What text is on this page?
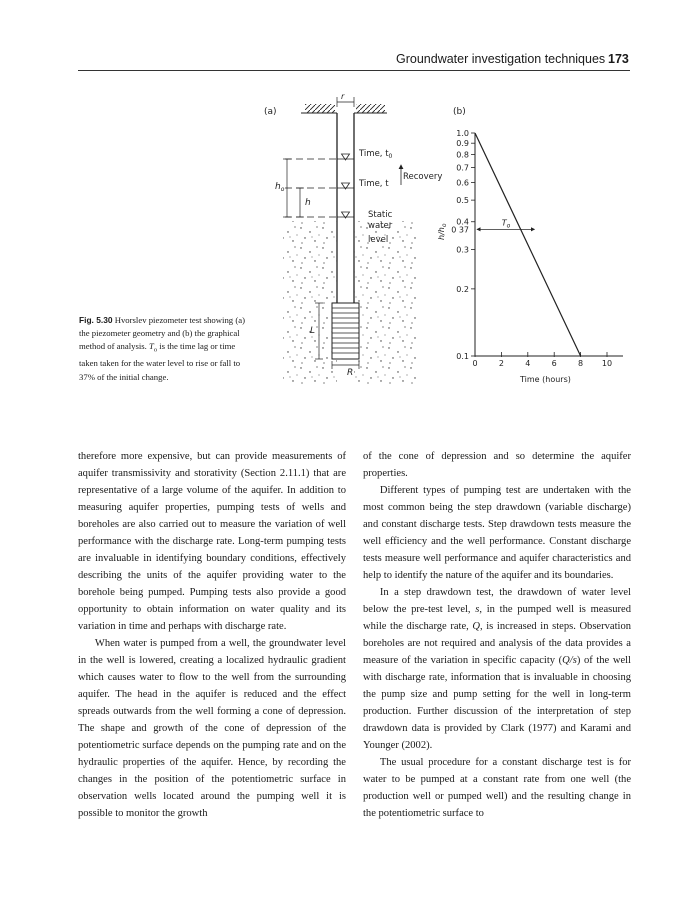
Groundwater investigation techniques 173
Fig. 5.30 Hvorslev piezometer test showing (a) the piezometer geometry and (b) the graphical method of analysis. $T_o$ is the time lag or time taken taken for the water level to rise or fall to 37% of the initial change.
(a)
r
Time, $t_0$
Time, t
Static
water
level
Recovery
$h_o$
h
L
R
(b)
0.1
0.2
0.3
0.4
0.5
0.6
0.7
0.8
0.9
1.0
0	2	4	6	8 10
0 37
$T_o$
Time (hours)
$h/h_o$

therefore more expensive, but can provide measurements of aquifer transmissivity and storativity (Section 2.11.1) that are representative of a large volume of the aquifer. In addition to measuring aquifer properties, pumping tests of wells and boreholes are also carried out to measure the variation of well performance with the discharge rate. Long-term pumping tests are invaluable in identifying boundary conditions, effectively describing the units of the aquifer providing water to the borehole being pumped. Pumping tests also provide a good opportunity to obtain information on water quality and its variation in time and perhaps with discharge rate.

When water is pumped from a well, the groundwater level in the well is lowered, creating a localized hydraulic gradient which causes water to flow to the well from the surrounding aquifer. The head in the aquifer is reduced and the effect spreads outwards from the well forming a cone of depression. The shape and growth of the cone of depression of the potentiometric surface depends on the pumping rate and on the hydraulic properties of the aquifer. Hence, by recording the changes in the position of the potentiometric surface in observation wells located around the pumping well it is possible to monitor the growth

of the cone of depression and so determine the aquifer properties.

Different types of pumping test are undertaken with the most common being the step drawdown (variable discharge) and constant discharge tests. Step drawdown tests measure the well efficiency and the well performance. Constant discharge tests measure well performance and aquifer characteristics and help to identify the nature of the aquifer and its boundaries.

In a step drawdown test, the drawdown of water level below the pre-test level, s, in the pumped well is measured while the discharge rate, Q, is increased in steps. Observation boreholes are not required and analysis of the data provides a measure of the variation in specific capacity (Q/s) of the well with discharge rate, information that is invaluable in choosing the pump size and pump setting for the well in long-term production. Further discussion of the interpretation of step drawdown data is provided by Clark (1977) and Karami and Younger (2002).

The usual procedure for a constant discharge test is for water to be pumped at a constant rate from one well (the production well or pumped well) and the resulting change in the potentiometric surface to
